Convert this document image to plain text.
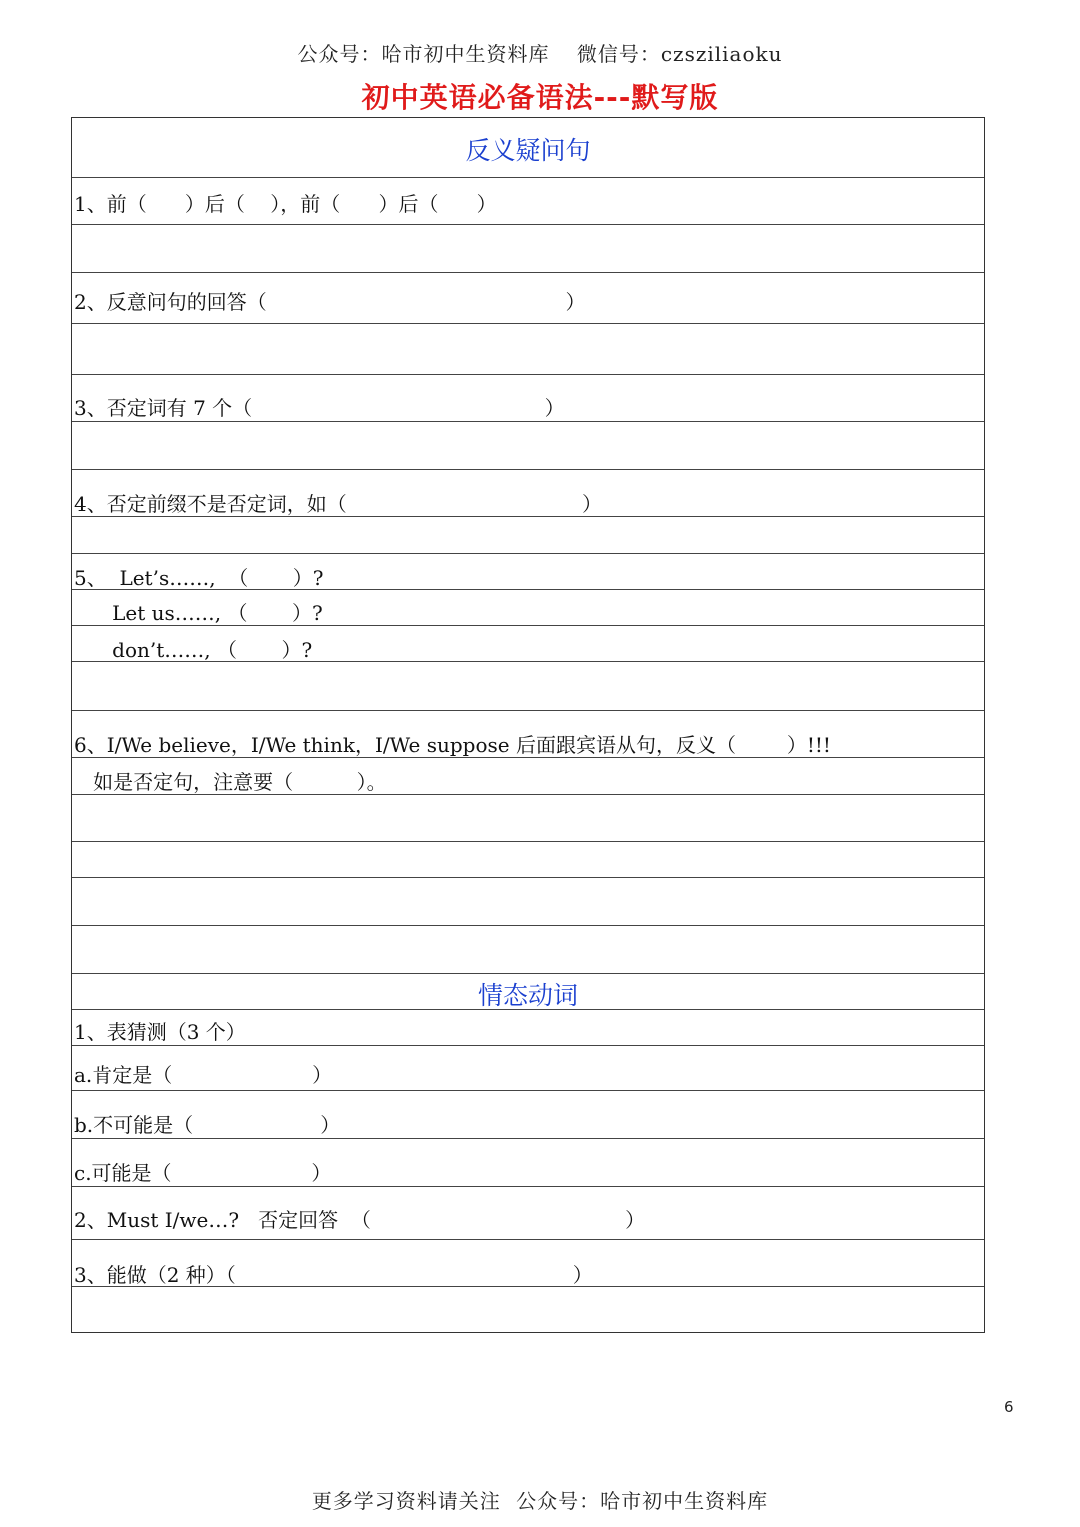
公众号：哈市初中生资料库 微信号：czsziliaoku
初中英语必备语法---默写版
反义疑问句
1、前（      ）后（    ），前（      ）后（      ）
2、反意问句的回答（                                               ）
3、否定词有 7 个（                                              ）
4、否定前缀不是否定词，如（                                     ）
5、  Let’s……,  （       ）?
Let us……, （       ）?
don’t……, （       ）?
6、I/We believe，I/We think，I/We suppose 后面跟宾语从句，反义（        ）!!!
如是否定句，注意要（          ）。
情态动词
1、表猜测（3 个）
a.肯定是（                      ）
b.不可能是（                    ）
c.可能是（                      ）
2、Must I/we…?   否定回答  （                                        ）
3、能做（2 种）（                                                     ）
6
更多学习资料请关注 公众号：哈市初中生资料库
